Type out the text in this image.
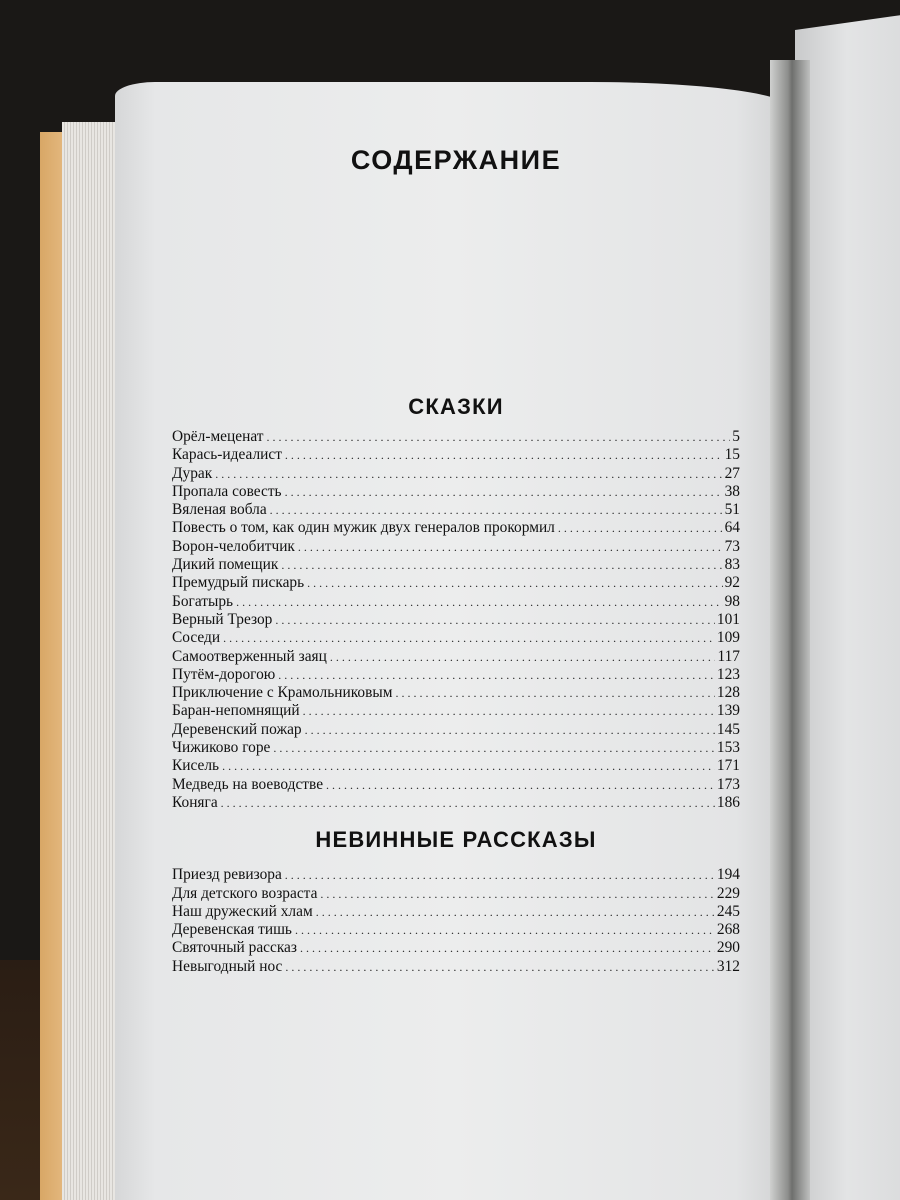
СОДЕРЖАНИЕ
СКАЗКИ
Орёл-меценат . . .	5
Карась-идеалист . . .	15
Дурак . . .	27
Пропала совесть . . .	38
Вяленая вобла . . .	51
Повесть о том, как один мужик двух генералов прокормил . . .	64
Ворон-челобитчик . . .	73
Дикий помещик . . .	83
Премудрый пискарь . . .	92
Богатырь . . .	98
Верный Трезор . . .	101
Соседи . . .	109
Самоотверженный заяц . . .	117
Путём-дорогою . . .	123
Приключение с Крамольниковым . . .	128
Баран-непомнящий . . .	139
Деревенский пожар . . .	145
Чижиково горе . . .	153
Кисель . . .	171
Медведь на воеводстве . . .	173
Коняга . . .	186
НЕВИННЫЕ РАССКАЗЫ
Приезд ревизора . . .	194
Для детского возраста . . .	229
Наш дружеский хлам . . .	245
Деревенская тишь . . .	268
Святочный рассказ . . .	290
Невыгодный нос . . .	312
